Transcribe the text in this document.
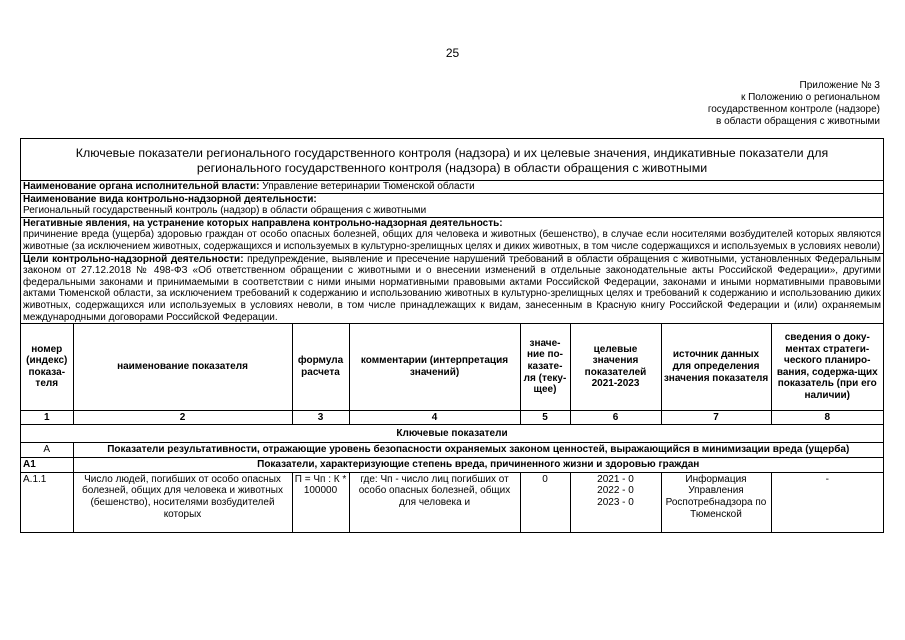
25
Приложение № 3
к Положению о региональном
государственном контроле (надзоре)
в области обращения с животными
Ключевые показатели регионального государственного контроля (надзора) и их целевые значения, индикативные показатели для регионального государственного контроля (надзора) в области обращения с животными
Наименование органа исполнительной власти: Управление ветеринарии Тюменской области
Наименование вида контрольно-надзорной деятельности:
Региональный государственный контроль (надзор) в области обращения с животными
Негативные явления, на устранение которых направлена контрольно-надзорная деятельность:
причинение вреда (ущерба) здоровью граждан от особо опасных болезней, общих для человека и животных (бешенство), в случае если носителями возбудителей которых являются животные (за исключением животных, содержащихся и используемых в культурно-зрелищных целях и диких животных, в том числе содержащихся и используемых в условиях неволи)
Цели контрольно-надзорной деятельности: предупреждение, выявление и пресечение нарушений требований в области обращения с животными, установленных Федеральным законом от 27.12.2018 № 498-ФЗ «Об ответственном обращении с животными и о внесении изменений в отдельные законодательные акты Российской Федерации», другими федеральными законами и принимаемыми в соответствии с ними иными нормативными правовыми актами Российской Федерации, законами и иными нормативными правовыми актами Тюменской области, за исключением требований к содержанию и использованию животных в культурно-зрелищных целях и требований к содержанию и использованию диких животных, содержащихся или используемых в условиях неволи, в том числе принадлежащих к видам, занесенным в Красную книгу Российской Федерации и (или) охраняемым международными договорами Российской Федерации.
номер (индекс) показа-теля	наименование показателя	формула расчета	комментарии (интерпретация значений)	значе-ние по-казате-ля (теку-щее)	целевые значения показателей 2021-2023	источник данных для определения значения показателя	сведения о доку-ментах стратеги-ческого планиро-вания, содержа-щих показатель (при его наличии)
1	2	3	4	5	6	7	8
Ключевые показатели							
А	Показатели результативности, отражающие уровень безопасности охраняемых законом ценностей, выражающийся в минимизации вреда (ущерба)						
А1	Показатели, характеризующие степень вреда, причиненного жизни и здоровью граждан						
А.1.1	Число людей, погибших от особо опасных болезней, общих для человека и животных (бешенство), носителями возбудителей которых	П = Чп : К * 100000	где: Чп - число лиц погибших от особо опасных болезней, общих для человека и	0	2021 - 0 2022 - 0 2023 - 0	Информация Управления Роспотребнадзора по Тюменской	-
